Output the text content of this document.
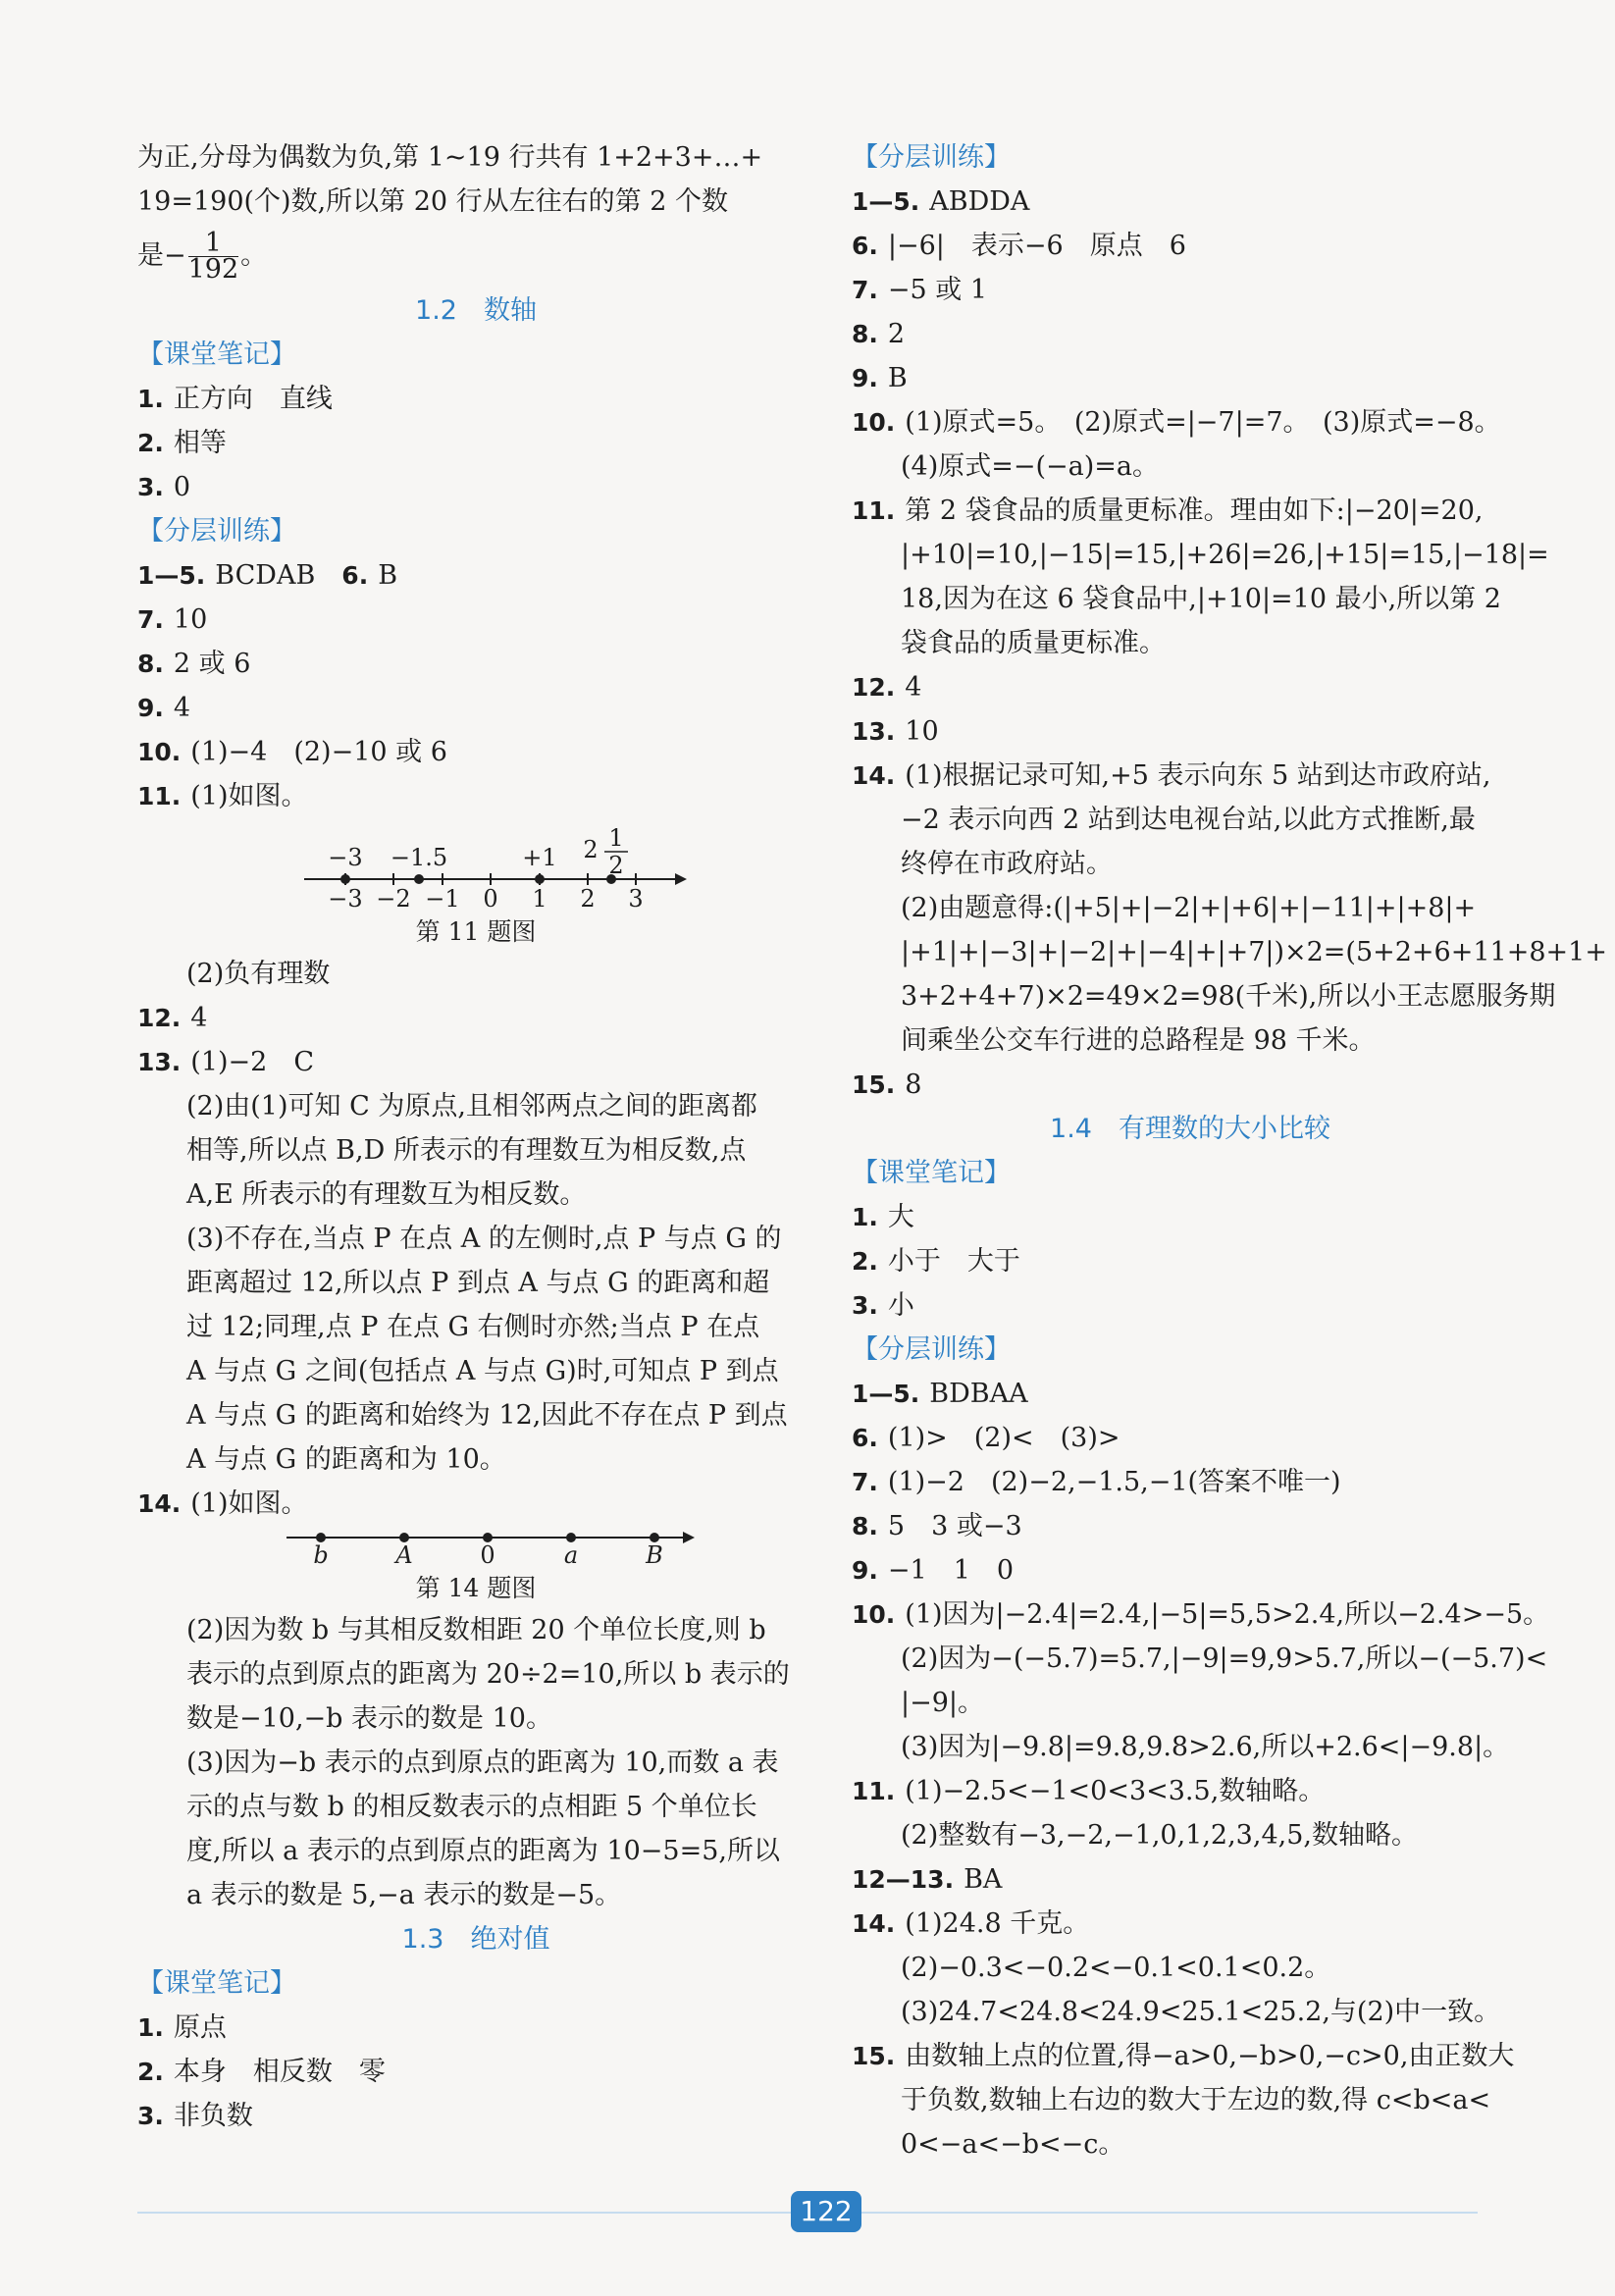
为正,分母为偶数为负,第 1~19 行共有 1+2+3+…+
19=190(个)数,所以第 20 行从左往右的第 2 个数
是− $\frac{1}{192}$ 。
1.2　数轴
【课堂笔记】
1. 正方向　直线
2. 相等
3. 0
【分层训练】
1—5. BCDAB　6. B
7. 10
8. 2 或 6
9. 4
10. (1)−4　(2)−10 或 6
11. (1)如图。
−3 −1.5	+1 2 1
2
−3 −2 −1 0 1 2 3
第 11 题图
(2)负有理数
12. 4
13. (1)−2　C
(2)由(1)可知 C 为原点,且相邻两点之间的距离都
相等,所以点 B,D 所表示的有理数互为相反数,点
A,E 所表示的有理数互为相反数。
(3)不存在,当点 P 在点 A 的左侧时,点 P 与点 G 的
距离超过 12,所以点 P 到点 A 与点 G 的距离和超
过 12;同理,点 P 在点 G 右侧时亦然;当点 P 在点
A 与点 G 之间(包括点 A 与点 G)时,可知点 P 到点
A 与点 G 的距离和始终为 12,因此不存在点 P 到点
A 与点 G 的距离和为 10。
14. (1)如图。
b	A	0	a	B
第 14 题图
(2)因为数 b 与其相反数相距 20 个单位长度,则 b
表示的点到原点的距离为 20÷2=10,所以 b 表示的
数是−10,−b 表示的数是 10。
(3)因为−b 表示的点到原点的距离为 10,而数 a 表
示的点与数 b 的相反数表示的点相距 5 个单位长
度,所以 a 表示的点到原点的距离为 10−5=5,所以
a 表示的数是 5,−a 表示的数是−5。
1.3　绝对值
【课堂笔记】
1. 原点
2. 本身　相反数　零
3. 非负数
【分层训练】
1—5. ABDDA
6. |−6|　表示−6　原点　6
7. −5 或 1
8. 2
9. B
10. (1)原式=5。　(2)原式=|−7|=7。　(3)原式=−8。
(4)原式=−(−a)=a。
11. 第 2 袋食品的质量更标准。理由如下:|−20|=20,
|+10|=10,|−15|=15,|+26|=26,|+15|=15,|−18|=
18,因为在这 6 袋食品中,|+10|=10 最小,所以第 2
袋食品的质量更标准。
12. 4
13. 10
14. (1)根据记录可知,+5 表示向东 5 站到达市政府站,
−2 表示向西 2 站到达电视台站,以此方式推断,最
终停在市政府站。
(2)由题意得:(|+5|+|−2|+|+6|+|−11|+|+8|+
|+1|+|−3|+|−2|+|−4|+|+7|)×2=(5+2+6+11+8+1+
3+2+4+7)×2=49×2=98(千米),所以小王志愿服务期
间乘坐公交车行进的总路程是 98 千米。
15. 8
1.4　有理数的大小比较
【课堂笔记】
1. 大
2. 小于　大于
3. 小
【分层训练】
1—5. BDBAA
6. (1)>　(2)<　(3)>
7. (1)−2　(2)−2,−1.5,−1(答案不唯一)
8. 5　3 或−3
9. −1　1　0
10. (1)因为|−2.4|=2.4,|−5|=5,5>2.4,所以−2.4>−5。
(2)因为−(−5.7)=5.7,|−9|=9,9>5.7,所以−(−5.7)<
|−9|。
(3)因为|−9.8|=9.8,9.8>2.6,所以+2.6<|−9.8|。
11. (1)−2.5<−1<0<3<3.5,数轴略。
(2)整数有−3,−2,−1,0,1,2,3,4,5,数轴略。
12—13. BA
14. (1)24.8 千克。
(2)−0.3<−0.2<−0.1<0.1<0.2。
(3)24.7<24.8<24.9<25.1<25.2,与(2)中一致。
15. 由数轴上点的位置,得−a>0,−b>0,−c>0,由正数大
于负数,数轴上右边的数大于左边的数,得 c<b<a<
0<−a<−b<−c。
122
